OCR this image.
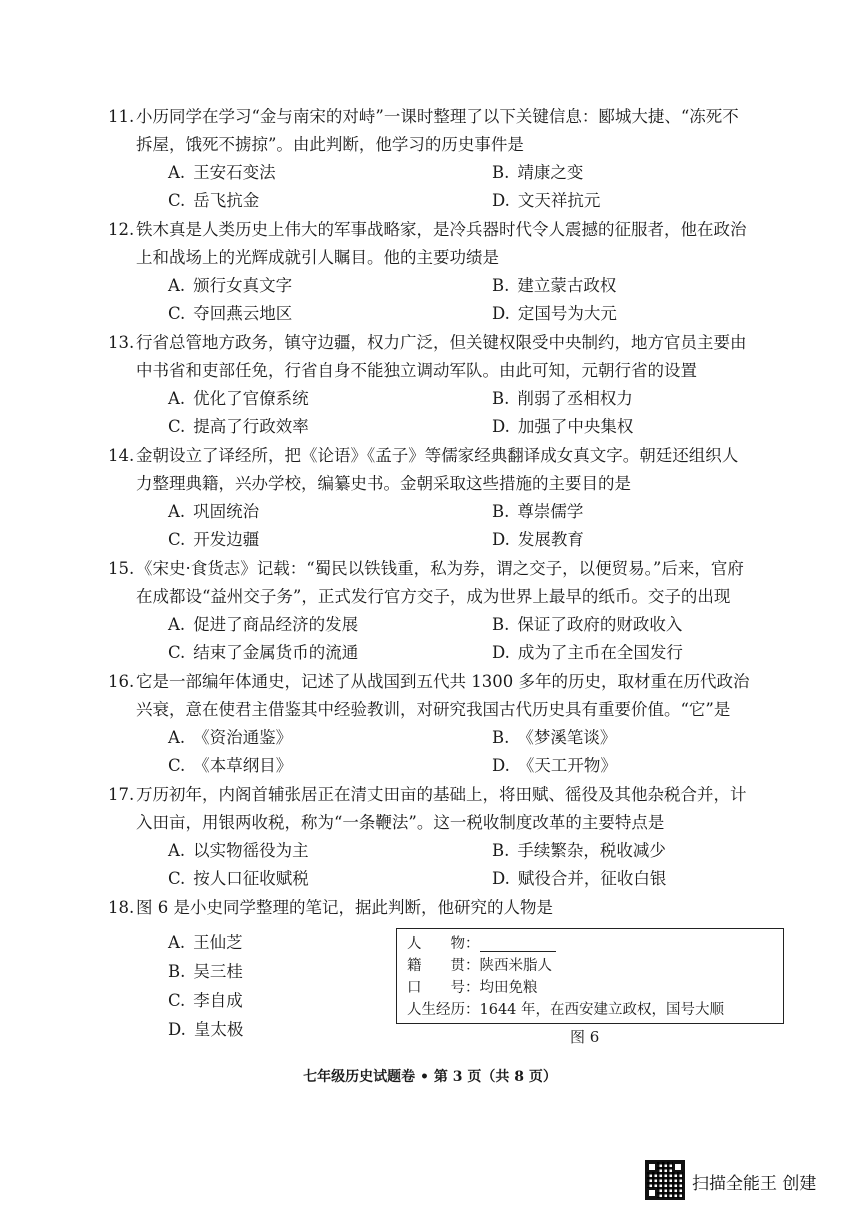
11. 小历同学在学习“金与南宋的对峙”一课时整理了以下关键信息：郾城大捷、“冻死不
拆屋，饿死不掳掠”。由此判断，他学习的历史事件是
A. 王安石变法	B. 靖康之变
C. 岳飞抗金	D. 文天祥抗元
12. 铁木真是人类历史上伟大的军事战略家，是冷兵器时代令人震撼的征服者，他在政治
上和战场上的光辉成就引人瞩目。他的主要功绩是
A. 颁行女真文字	B. 建立蒙古政权
C. 夺回燕云地区	D. 定国号为大元
13. 行省总管地方政务，镇守边疆，权力广泛，但关键权限受中央制约，地方官员主要由
中书省和吏部任免，行省自身不能独立调动军队。由此可知，元朝行省的设置
A. 优化了官僚系统	B. 削弱了丞相权力
C. 提高了行政效率	D. 加强了中央集权
14. 金朝设立了译经所，把《论语》《孟子》等儒家经典翻译成女真文字。朝廷还组织人
力整理典籍，兴办学校，编纂史书。金朝采取这些措施的主要目的是
A. 巩固统治	B. 尊崇儒学
C. 开发边疆	D. 发展教育
15. 《宋史·食货志》记载：“蜀民以铁钱重，私为券，谓之交子，以便贸易。”后来，官府
在成都设“益州交子务”，正式发行官方交子，成为世界上最早的纸币。交子的出现
A. 促进了商品经济的发展	B. 保证了政府的财政收入
C. 结束了金属货币的流通	D. 成为了主币在全国发行
16. 它是一部编年体通史，记述了从战国到五代共 1300 多年的历史，取材重在历代政治
兴衰，意在使君主借鉴其中经验教训，对研究我国古代历史具有重要价值。“它”是
A. 《资治通鉴》	B. 《梦溪笔谈》
C. 《本草纲目》	D. 《天工开物》
17. 万历初年，内阁首辅张居正在清丈田亩的基础上，将田赋、徭役及其他杂税合并，计
入田亩，用银两收税，称为“一条鞭法”。这一税收制度改革的主要特点是
A. 以实物徭役为主	B. 手续繁杂，税收减少
C. 按人口征收赋税	D. 赋役合并，征收白银
18. 图 6 是小史同学整理的笔记，据此判断，他研究的人物是
A. 王仙芝
B. 吴三桂
C. 李自成
D. 皇太极
人　　物：
籍　　贯：陕西米脂人
口　　号：均田免粮
人生经历：1644 年，在西安建立政权，国号大顺
图 6
七年级历史试题卷 • 第 3 页（共 8 页）
扫描全能王 创建
